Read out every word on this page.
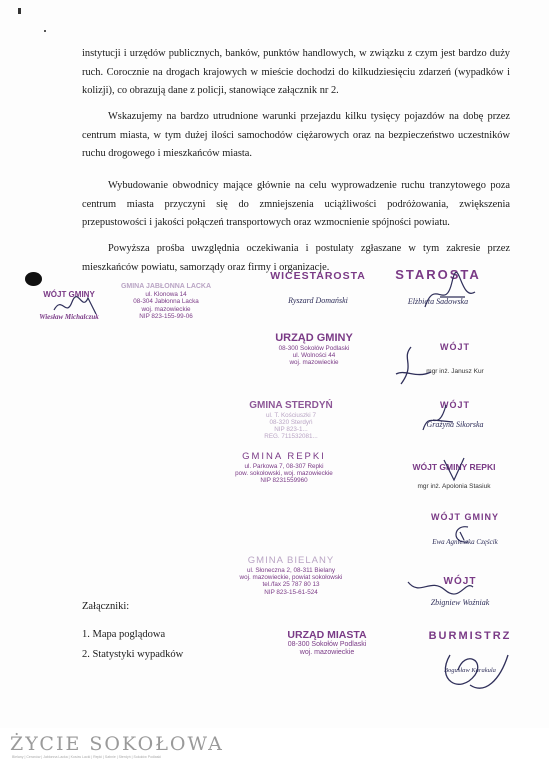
instytucji i urzędów publicznych, banków, punktów handlowych, w związku z czym jest bardzo duży ruch. Corocznie na drogach krajowych w mieście dochodzi do kilkudziesięciu zdarzeń (wypadków i kolizji), co obrazują dane z policji, stanowiące załącznik nr 2.

Wskazujemy na bardzo utrudnione warunki przejazdu kilku tysięcy pojazdów na dobę przez centrum miasta, w tym dużej ilości samochodów ciężarowych oraz na bezpieczeństwo uczestników ruchu drogowego i mieszkańców miasta.

Wybudowanie obwodnicy mające głównie na celu wyprowadzenie ruchu tranzytowego poza centrum miasta przyczyni się do zmniejszenia uciążliwości podróżowania, zwiększenia przepustowości i jakości połączeń transportowych oraz wzmocnienie spójności powiatu.

Powyższa prośba uwzględnia oczekiwania i postulaty zgłaszane w tym zakresie przez mieszkańców powiatu, samorządy oraz firmy i organizacje.

WÓJT GMINY
Wiesław Michalczuk
GMINA JABŁONNA LACKA
ul. Klonowa 14
08-304 Jabłonna Lacka
woj. mazowieckie
NIP 823-155-99-06
WICESTAROSTA
Ryszard Domański
STAROSTA
Elżbieta Sadowska
URZĄD GMINY
08-300 Sokołów Podlaski
ul. Wolności 44
woj. mazowieckie
WÓJT
mgr inż. Janusz Kur
GMINA STERDYŃ
ul. T. Kościuszki 7
08-320 Sterdyń
NIP 823-1...
REG. 711532081...
WÓJT
Grażyna Sikorska
GMINA REPKI
ul. Parkowa 7, 08-307 Repki
pow. sokołowski, woj. mazowieckie
NIP 8231559960
WÓJT GMINY REPKI
mgr inż. Apolonia Stasiuk
WÓJT GMINY
Ewa Agnieszka Częścik
GMINA BIELANY
ul. Słoneczna 2, 08-311 Bielany
woj. mazowieckie, powiat sokołowski
tel./fax 25 787 80 13
NIP 823-15-61-524
WÓJT
Zbigniew Woźniak
Załączniki:
1. Mapa poglądowa
2. Statystyki wypadków
URZĄD MIASTA
08-300 Sokołów Podlaski
woj. mazowieckie
BURMISTRZ
Bogusław Karakula
ŻYCIE SOKOŁOWA
Bielany | Ceranów | Jabłonna Lacka | Kosów Lacki | Repki | Sabnie | Sterdyń | Sokołów Podlaski
